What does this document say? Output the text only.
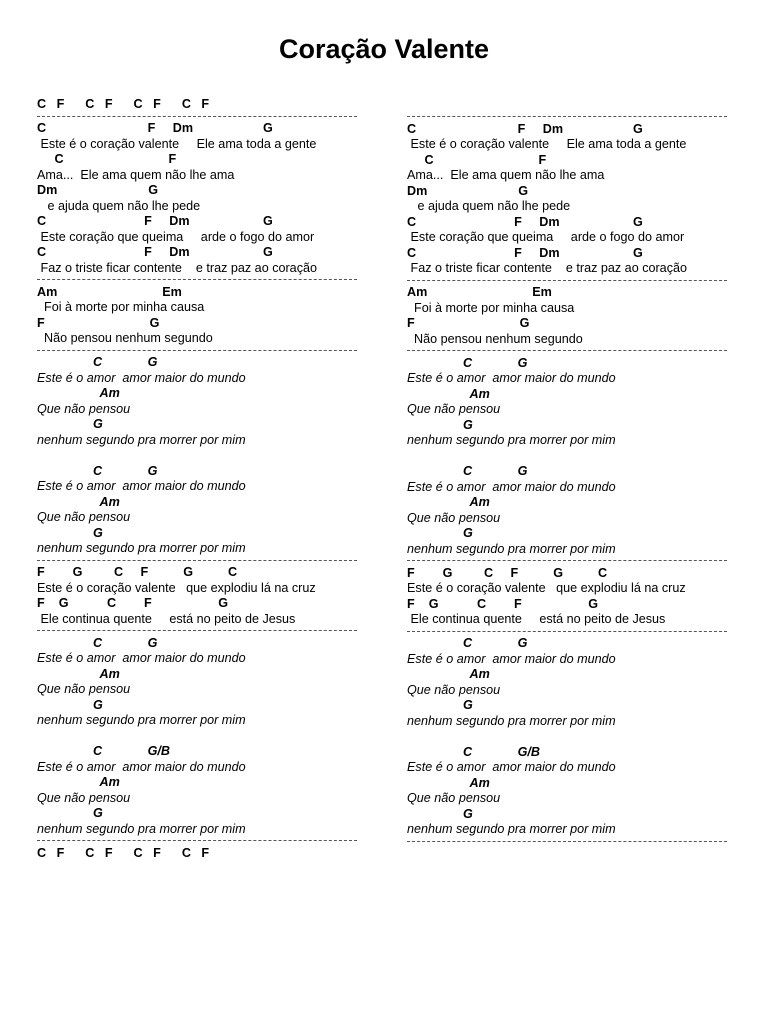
Coração Valente
C   F      C   F      C   F      C   F
C                             F     Dm                    G
Este é o coração valente     Ele ama toda a gente
C                              F
Ama...  Ele ama quem não lhe ama
Dm                          G
e ajuda quem não lhe pede
C                            F     Dm                     G
Este coração que queima     arde o fogo do amor
C                            F     Dm                     G
Faz o triste ficar contente    e traz paz ao coração
Am                              Em
Foi à morte por minha causa
F                              G
Não pensou nenhum segundo
C             G
Este é o amor  amor maior do mundo
Am
Que não pensou
G
nenhum segundo pra morrer por mim
C             G
Este é o amor  amor maior do mundo
Am
Que não pensou
G
nenhum segundo pra morrer por mim
F        G         C     F          G          C
Este é o coração valente   que explodiu lá na cruz
F    G           C        F                   G
Ele continua quente     está no peito de Jesus
C             G
Este é o amor  amor maior do mundo
Am
Que não pensou
G
nenhum segundo pra morrer por mim
C             G/B
Este é o amor  amor maior do mundo
Am
Que não pensou
G
nenhum segundo pra morrer por mim
C   F      C   F      C   F      C   F
C                             F     Dm                    G
Este é o coração valente     Ele ama toda a gente
C                              F
Ama...  Ele ama quem não lhe ama
Dm                          G
e ajuda quem não lhe pede
C                            F     Dm                     G
Este coração que queima     arde o fogo do amor
C                            F     Dm                     G
Faz o triste ficar contente    e traz paz ao coração
Am                              Em
Foi à morte por minha causa
F                              G
Não pensou nenhum segundo
C             G
Este é o amor  amor maior do mundo
Am
Que não pensou
G
nenhum segundo pra morrer por mim
C             G
Este é o amor  amor maior do mundo
Am
Que não pensou
G
nenhum segundo pra morrer por mim
F        G         C     F          G          C
Este é o coração valente   que explodiu lá na cruz
F    G           C        F                   G
Ele continua quente     está no peito de Jesus
C             G
Este é o amor  amor maior do mundo
Am
Que não pensou
G
nenhum segundo pra morrer por mim
C             G/B
Este é o amor  amor maior do mundo
Am
Que não pensou
G
nenhum segundo pra morrer por mim
